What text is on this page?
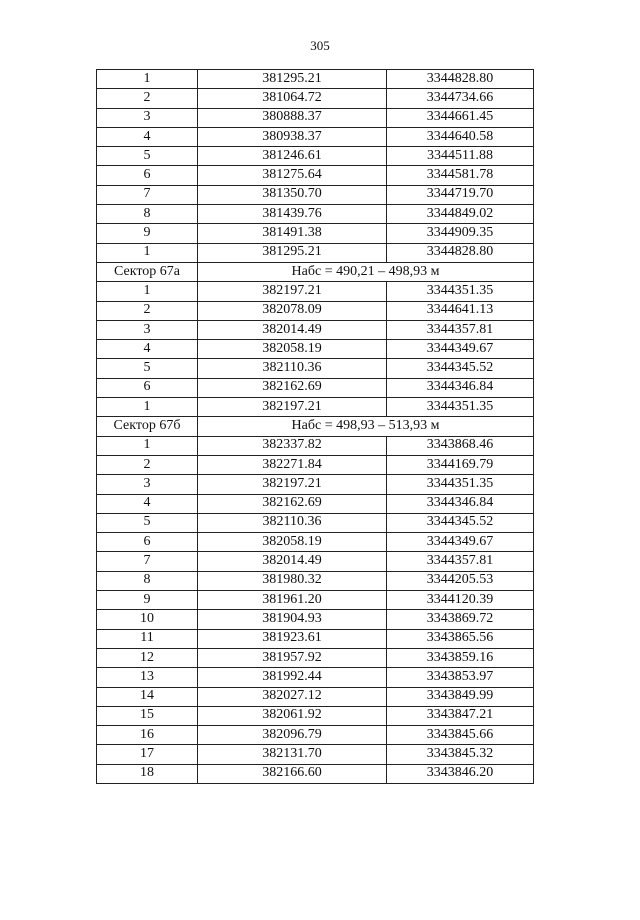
305
1	381295.21	3344828.80
2	381064.72	3344734.66
3	380888.37	3344661.45
4	380938.37	3344640.58
5	381246.61	3344511.88
6	381275.64	3344581.78
7	381350.70	3344719.70
8	381439.76	3344849.02
9	381491.38	3344909.35
1	381295.21	3344828.80
Сектор 67а	Набс = 490,21 – 498,93 м	
1	382197.21	3344351.35
2	382078.09	3344641.13
3	382014.49	3344357.81
4	382058.19	3344349.67
5	382110.36	3344345.52
6	382162.69	3344346.84
1	382197.21	3344351.35
Сектор 67б	Набс = 498,93 – 513,93 м	
1	382337.82	3343868.46
2	382271.84	3344169.79
3	382197.21	3344351.35
4	382162.69	3344346.84
5	382110.36	3344345.52
6	382058.19	3344349.67
7	382014.49	3344357.81
8	381980.32	3344205.53
9	381961.20	3344120.39
10	381904.93	3343869.72
11	381923.61	3343865.56
12	381957.92	3343859.16
13	381992.44	3343853.97
14	382027.12	3343849.99
15	382061.92	3343847.21
16	382096.79	3343845.66
17	382131.70	3343845.32
18	382166.60	3343846.20
